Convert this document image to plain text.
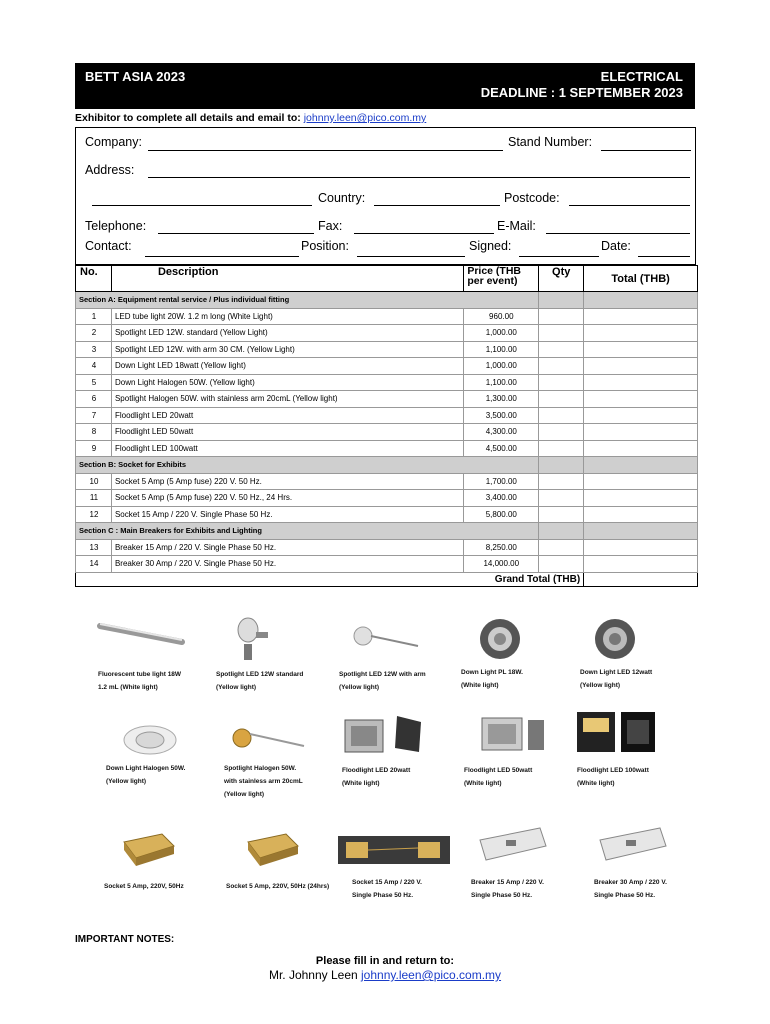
BETT ASIA 2023	ELECTRICAL
DEADLINE : 1 SEPTEMBER 2023
Exhibitor to complete all details and email to: johnny.leen@pico.com.my
Company:	Stand Number:
Address:
Country:	Postcode:
Telephone:	Fax:	E-Mail:
Contact:	Position:	Signed:	Date:
No.	Description	Price (THB per event)	Qty	Total (THB)
Section A: Equipment rental service / Plus individual fitting				
1	LED tube light 20W. 1.2 m long (White Light)	960.00		
2	Spotlight LED 12W. standard (Yellow Light)	1,000.00		
3	Spotlight LED 12W. with arm 30 CM. (Yellow Light)	1,100.00		
4	Down Light LED 18watt (Yellow light)	1,000.00		
5	Down Light Halogen 50W. (Yellow light)	1,100.00		
6	Spotlight Halogen 50W. with stainless arm 20cmL (Yellow light)	1,300.00		
7	Floodlight LED 20watt	3,500.00		
8	Floodlight LED 50watt	4,300.00		
9	Floodlight LED 100watt	4,500.00		
Section B: Socket for Exhibits				
10	Socket 5 Amp (5 Amp fuse) 220 V. 50 Hz.	1,700.00		
11	Socket 5 Amp (5 Amp fuse) 220 V. 50 Hz., 24 Hrs.	3,400.00		
12	Socket 15 Amp / 220 V. Single Phase 50 Hz.	5,800.00		
Section C : Main Breakers for Exhibits and Lighting				
13	Breaker 15 Amp / 220 V. Single Phase 50 Hz.	8,250.00		
14	Breaker 30 Amp / 220 V. Single Phase 50 Hz.	14,000.00		
Grand Total (THB)				
Fluorescent tube light 18W
1.2 mL (White light)
Spotlight LED 12W standard
(Yellow light)
Spotlight LED 12W with arm
(Yellow light)
Down Light PL 18W.
(White light)
Down Light LED 12watt
(Yellow light)
Down Light Halogen 50W.
(Yellow light)
Spotlight Halogen 50W.
with stainless arm 20cmL
(Yellow light)
Floodlight LED 20watt
(White light)
Floodlight LED 50watt
(White light)
Floodlight LED 100watt
(White light)
Socket 5 Amp, 220V, 50Hz	Socket 5 Amp, 220V, 50Hz (24hrs)
Socket 15 Amp / 220 V.
Single Phase 50 Hz.
Breaker 15 Amp / 220 V.
Single Phase 50 Hz.
Breaker 30 Amp / 220 V.
Single Phase 50 Hz.
IMPORTANT NOTES:
Please fill in and return to:
Mr. Johnny Leen johnny.leen@pico.com.my
